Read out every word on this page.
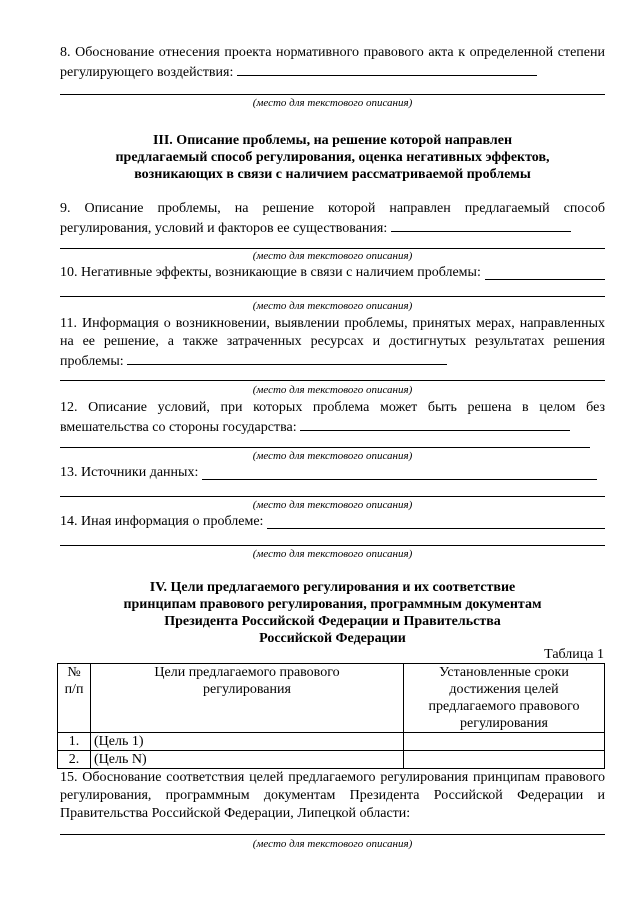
8. Обоснование отнесения проекта нормативного правового акта к определенной степени регулирующего воздействия:
(место для текстового описания)
III. Описание проблемы, на решение которой направлен
предлагаемый способ регулирования, оценка негативных эффектов,
возникающих в связи с наличием рассматриваемой проблемы
9. Описание проблемы, на решение которой направлен предлагаемый способ регулирования, условий и факторов ее существования:
(место для текстового описания)
10. Негативные эффекты, возникающие в связи с наличием проблемы:
(место для текстового описания)
11. Информация о возникновении, выявлении проблемы, принятых мерах, направленных на ее решение, а также затраченных ресурсах и достигнутых результатах решения проблемы:
(место для текстового описания)
12. Описание условий, при которых проблема может быть решена в целом без вмешательства со стороны государства:
(место для текстового описания)
13. Источники данных:
(место для текстового описания)
14. Иная информация о проблеме:
(место для текстового описания)
IV. Цели предлагаемого регулирования и их соответствие
принципам правового регулирования, программным документам
Президента Российской Федерации и Правительства
Российской Федерации
Таблица 1
№ п/п	Цели предлагаемого правового регулирования	Установленные сроки достижения целей предлагаемого правового регулирования
1.	(Цель 1)	
2.	(Цель N)	
15. Обоснование соответствия целей предлагаемого регулирования принципам правового регулирования, программным документам Президента Российской Федерации и Правительства Российской Федерации, Липецкой области:
(место для текстового описания)
